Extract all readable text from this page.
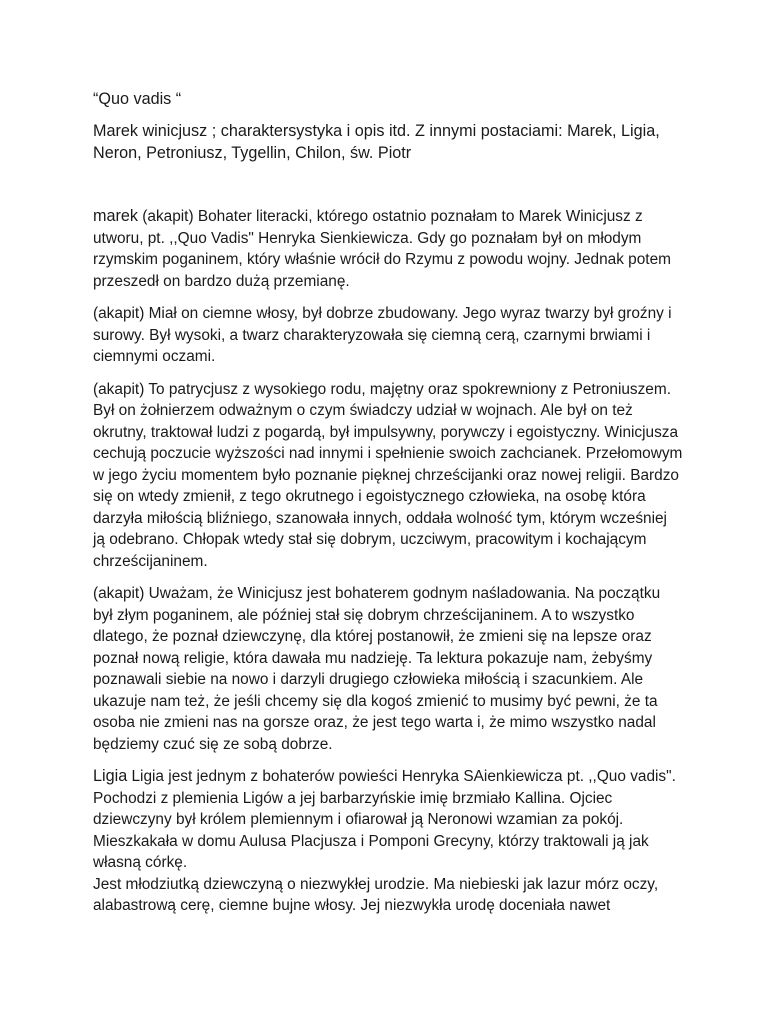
“Quo vadis “

Marek winicjusz ; charaktersystyka i opis itd. Z innymi postaciami: Marek, Ligia, Neron, Petroniusz, Tygellin, Chilon, św. Piotr

marek (akapit) Bohater literacki, którego ostatnio poznałam to Marek Winicjusz z utworu, pt. ,,Quo Vadis" Henryka Sienkiewicza. Gdy go poznałam był on młodym rzymskim poganinem, który właśnie wrócił do Rzymu z powodu wojny. Jednak potem przeszedł on bardzo dużą przemianę.

(akapit) Miał on ciemne włosy, był dobrze zbudowany. Jego wyraz twarzy był groźny i surowy. Był wysoki, a twarz charakteryzowała się ciemną cerą, czarnymi brwiami i ciemnymi oczami.

(akapit) To patrycjusz z wysokiego rodu, majętny oraz spokrewniony z Petroniuszem. Był on żołnierzem odważnym o czym świadczy udział w wojnach. Ale był on też okrutny, traktował ludzi z pogardą, był impulsywny, porywczy i egoistyczny. Winicjusza cechują poczucie wyższości nad innymi i spełnienie swoich zachcianek. Przełomowym w jego życiu momentem było poznanie pięknej chrześcijanki oraz nowej religii. Bardzo się on wtedy zmienił, z tego okrutnego i egoistycznego człowieka, na osobę która darzyła miłością bliźniego, szanowała innych, oddała wolność tym, którym wcześniej ją odebrano. Chłopak wtedy stał się dobrym, uczciwym, pracowitym i kochającym chrześcijaninem.

(akapit) Uważam, że Winicjusz jest bohaterem godnym naśladowania. Na początku był złym poganinem, ale później stał się dobrym chrześcijaninem. A to wszystko dlatego, że poznał dziewczynę, dla której postanowił, że zmieni się na lepsze oraz poznał nową religie, która dawała mu nadzieję. Ta lektura pokazuje nam, żebyśmy poznawali siebie na nowo i darzyli drugiego człowieka miłością i szacunkiem. Ale ukazuje nam też, że jeśli chcemy się dla kogoś zmienić to musimy być pewni, że ta osoba nie zmieni nas na gorsze oraz, że jest tego warta i, że mimo wszystko nadal będziemy czuć się ze sobą dobrze.

Ligia Ligia jest jednym z bohaterów powieści Henryka SAienkiewicza pt. ,,Quo vadis". Pochodzi z plemienia Ligów a jej barbarzyńskie imię brzmiało Kallina. Ojciec dziewczyny był królem plemiennym i ofiarował ją Neronowi wzamian za pokój. Mieszkakała w domu Aulusa Placjusza i Pomponi Grecyny, którzy traktowali ją jak własną córkę.

Jest młodziutką dziewczyną o niezwykłej urodzie. Ma niebieski jak lazur mórz oczy, alabastrową cerę, ciemne bujne włosy. Jej niezwykła urodę doceniała nawet
